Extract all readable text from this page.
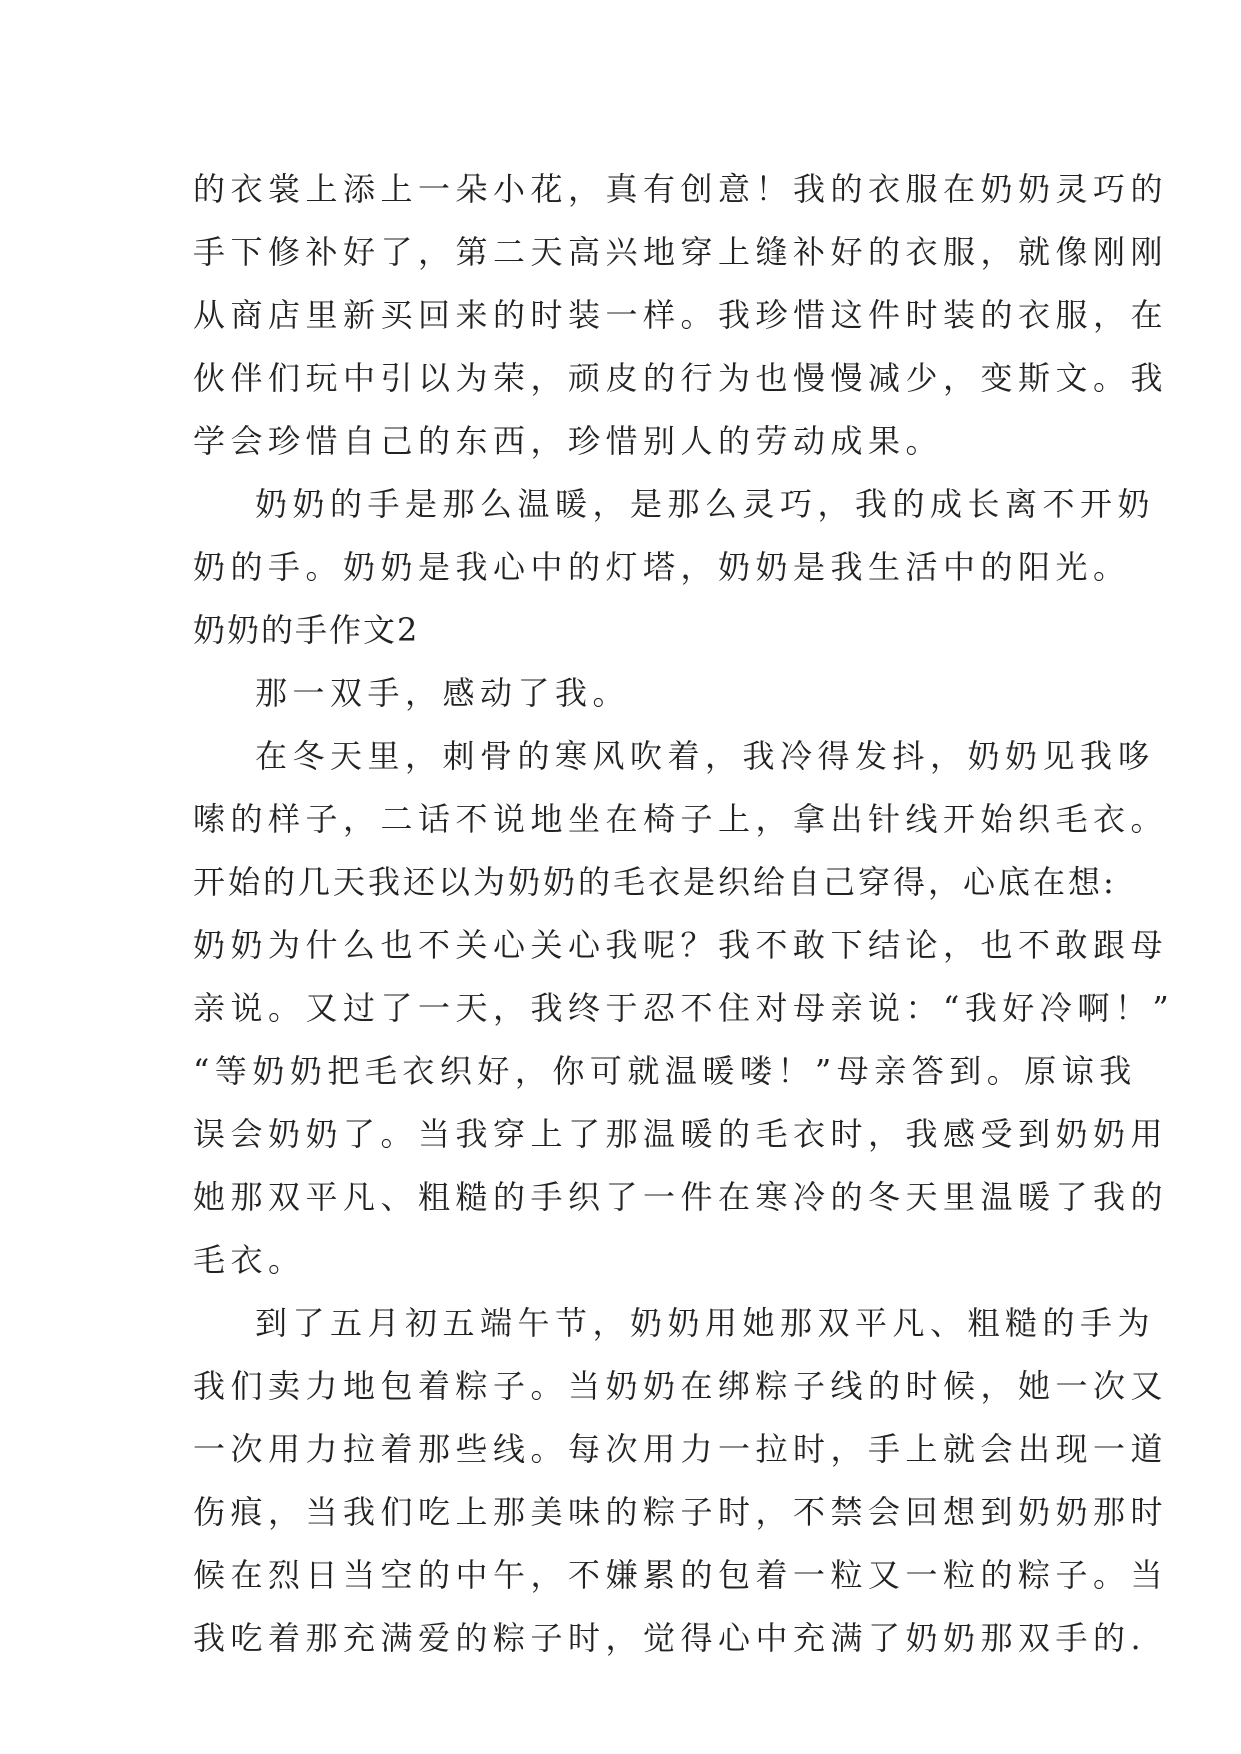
的衣裳上添上一朵小花，真有创意！我的衣服在奶奶灵巧的
手下修补好了，第二天高兴地穿上缝补好的衣服，就像刚刚
从商店里新买回来的时装一样。我珍惜这件时装的衣服，在
伙伴们玩中引以为荣，顽皮的行为也慢慢减少，变斯文。我
学会珍惜自己的东西，珍惜别人的劳动成果。
奶奶的手是那么温暖，是那么灵巧，我的成长离不开奶
奶的手。奶奶是我心中的灯塔，奶奶是我生活中的阳光。
奶奶的手作文2
那一双手，感动了我。
在冬天里，刺骨的寒风吹着，我冷得发抖，奶奶见我哆
嗦的样子，二话不说地坐在椅子上，拿出针线开始织毛衣。
开始的几天我还以为奶奶的毛衣是织给自己穿得，心底在想:
奶奶为什么也不关心关心我呢？我不敢下结论，也不敢跟母
亲说。又过了一天，我终于忍不住对母亲说：“我好冷啊！”
“等奶奶把毛衣织好，你可就温暖喽！”母亲答到。原谅我
误会奶奶了。当我穿上了那温暖的毛衣时，我感受到奶奶用
她那双平凡、粗糙的手织了一件在寒冷的冬天里温暖了我的
毛衣。
到了五月初五端午节，奶奶用她那双平凡、粗糙的手为
我们卖力地包着粽子。当奶奶在绑粽子线的时候，她一次又
一次用力拉着那些线。每次用力一拉时，手上就会出现一道
伤痕，当我们吃上那美味的粽子时，不禁会回想到奶奶那时
候在烈日当空的中午，不嫌累的包着一粒又一粒的粽子。当
我吃着那充满爱的粽子时，觉得心中充满了奶奶那双手的.
